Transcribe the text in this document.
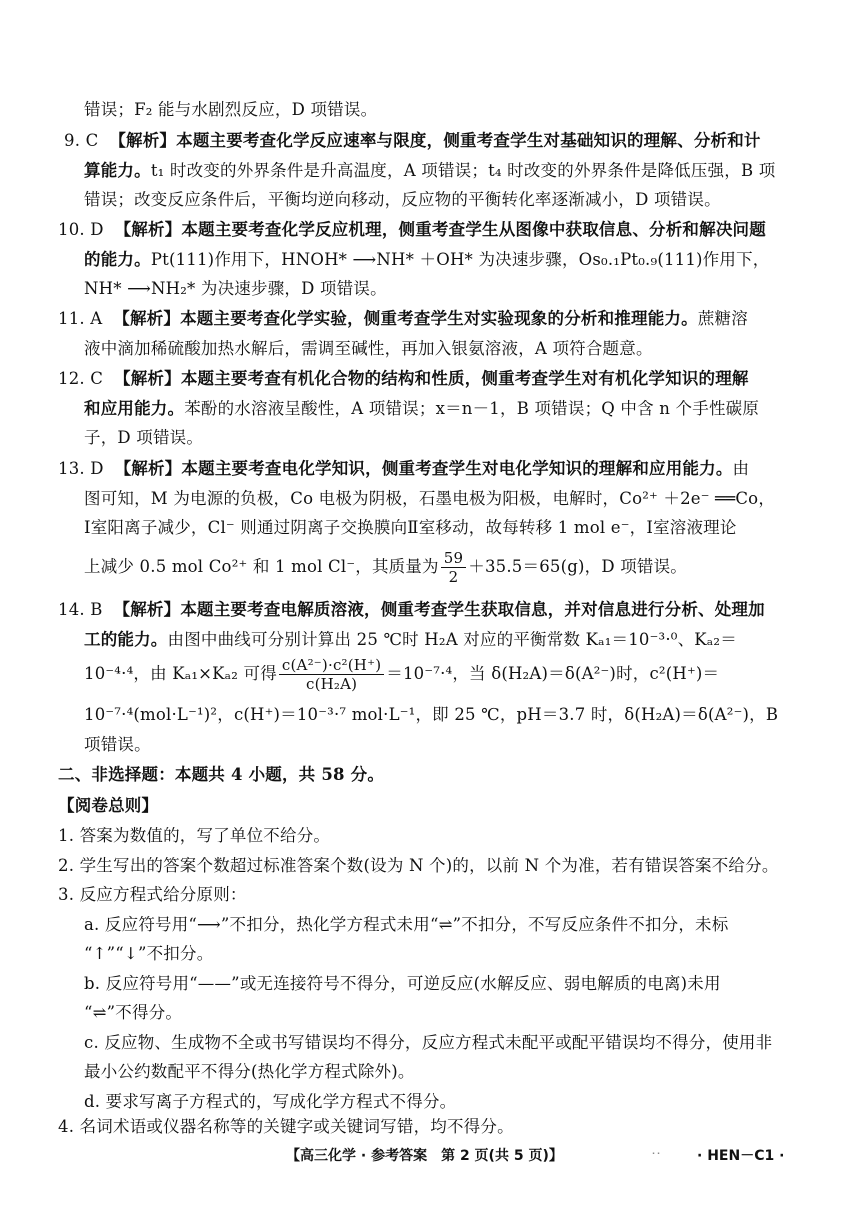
错误；F₂ 能与水剧烈反应，D 项错误。
9. C 【解析】本题主要考查化学反应速率与限度，侧重考查学生对基础知识的理解、分析和计
算能力。t₁ 时改变的外界条件是升高温度，A 项错误；t₄ 时改变的外界条件是降低压强，B 项
错误；改变反应条件后，平衡均逆向移动，反应物的平衡转化率逐渐减小，D 项错误。
10. D 【解析】本题主要考查化学反应机理，侧重考查学生从图像中获取信息、分析和解决问题
的能力。Pt(111)作用下，HNOH* ⟶NH* ＋OH* 为决速步骤，Os₀.₁Pt₀.₉(111)作用下，
NH* ⟶NH₂* 为决速步骤，D 项错误。
11. A 【解析】本题主要考查化学实验，侧重考查学生对实验现象的分析和推理能力。蔗糖溶
液中滴加稀硫酸加热水解后，需调至碱性，再加入银氨溶液，A 项符合题意。
12. C 【解析】本题主要考查有机化合物的结构和性质，侧重考查学生对有机化学知识的理解
和应用能力。苯酚的水溶液呈酸性，A 项错误；x＝n－1，B 项错误；Q 中含 n 个手性碳原
子，D 项错误。
13. D 【解析】本题主要考查电化学知识，侧重考查学生对电化学知识的理解和应用能力。由
图可知，M 为电源的负极，Co 电极为阴极，石墨电极为阳极，电解时，Co²⁺ ＋2e⁻ ══Co，
Ⅰ室阳离子减少，Cl⁻ 则通过阴离子交换膜向Ⅱ室移动，故每转移 1 mol e⁻，Ⅰ室溶液理论
上减少 0.5 mol Co²⁺ 和 1 mol Cl⁻，其质量为 $\frac{59}{2} +35.5=65(g)$，D 项错误。
14. B 【解析】本题主要考查电解质溶液，侧重考查学生获取信息，并对信息进行分析、处理加
工的能力。由图中曲线可分别计算出 25 ℃时 H₂A 对应的平衡常数 Kₐ₁＝10⁻³·⁰、Kₐ₂＝
10⁻⁴·⁴，由 Kₐ₁×Kₐ₂ 可得 $\frac{\text{c(A²⁻)·c²(H⁺)}}{\text{c(H₂A)}} =10^{-7}\cdot^4$，当 δ(H₂A)＝δ(A²⁻)时，c²(H⁺)＝
10⁻⁷·⁴(mol·L⁻¹)²，c(H⁺)＝10⁻³·⁷ mol·L⁻¹，即 25 ℃，pH＝3.7 时，δ(H₂A)＝δ(A²⁻)，B
项错误。
二、非选择题：本题共 4 小题，共 58 分。
【阅卷总则】
1. 答案为数值的，写了单位不给分。
2. 学生写出的答案个数超过标准答案个数(设为 N 个)的，以前 N 个为准，若有错误答案不给分。
3. 反应方程式给分原则：
a. 反应符号用“⟶”不扣分，热化学方程式未用“⇌”不扣分，不写反应条件不扣分，未标
“↑”“↓”不扣分。
b. 反应符号用“——”或无连接符号不得分，可逆反应(水解反应、弱电解质的电离)未用
“⇌”不得分。
c. 反应物、生成物不全或书写错误均不得分，反应方程式未配平或配平错误均不得分，使用非
最小公约数配平不得分(热化学方程式除外)。
d. 要求写离子方程式的，写成化学方程式不得分。
4. 名词术语或仪器名称等的关键字或关键词写错，均不得分。
【高三化学 · 参考答案　第 2 页(共 5 页)】	·· · HEN－C1 ·
